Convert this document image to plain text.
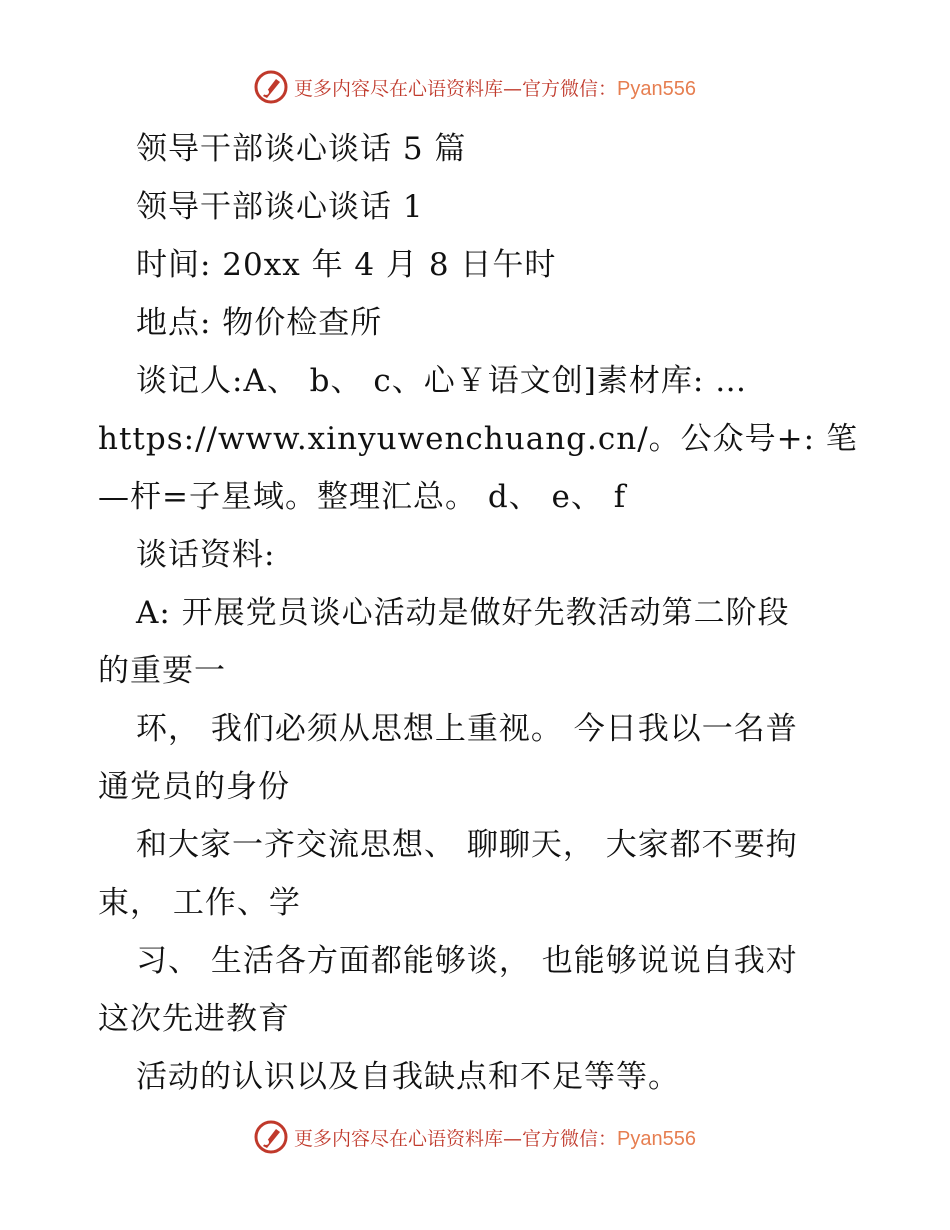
更多内容尽在心语资料库—官方微信：Pyan556
领导干部谈心谈话 5 篇
领导干部谈心谈话 1
时间: 20xx 年 4 月 8 日午时
地点: 物价检查所
谈记人:A、 b、 c、心￥语文创]素材库: …
https://www.xinyuwenchuang.cn/。公众号+: 笔
—杆=子星域。整理汇总。 d、 e、 f
谈话资料:
A: 开展党员谈心活动是做好先教活动第二阶段
的重要一
环， 我们必须从思想上重视。 今日我以一名普
通党员的身份
和大家一齐交流思想、 聊聊天， 大家都不要拘
束， 工作、学
习、 生活各方面都能够谈， 也能够说说自我对
这次先进教育
活动的认识以及自我缺点和不足等等。
更多内容尽在心语资料库—官方微信：Pyan556
